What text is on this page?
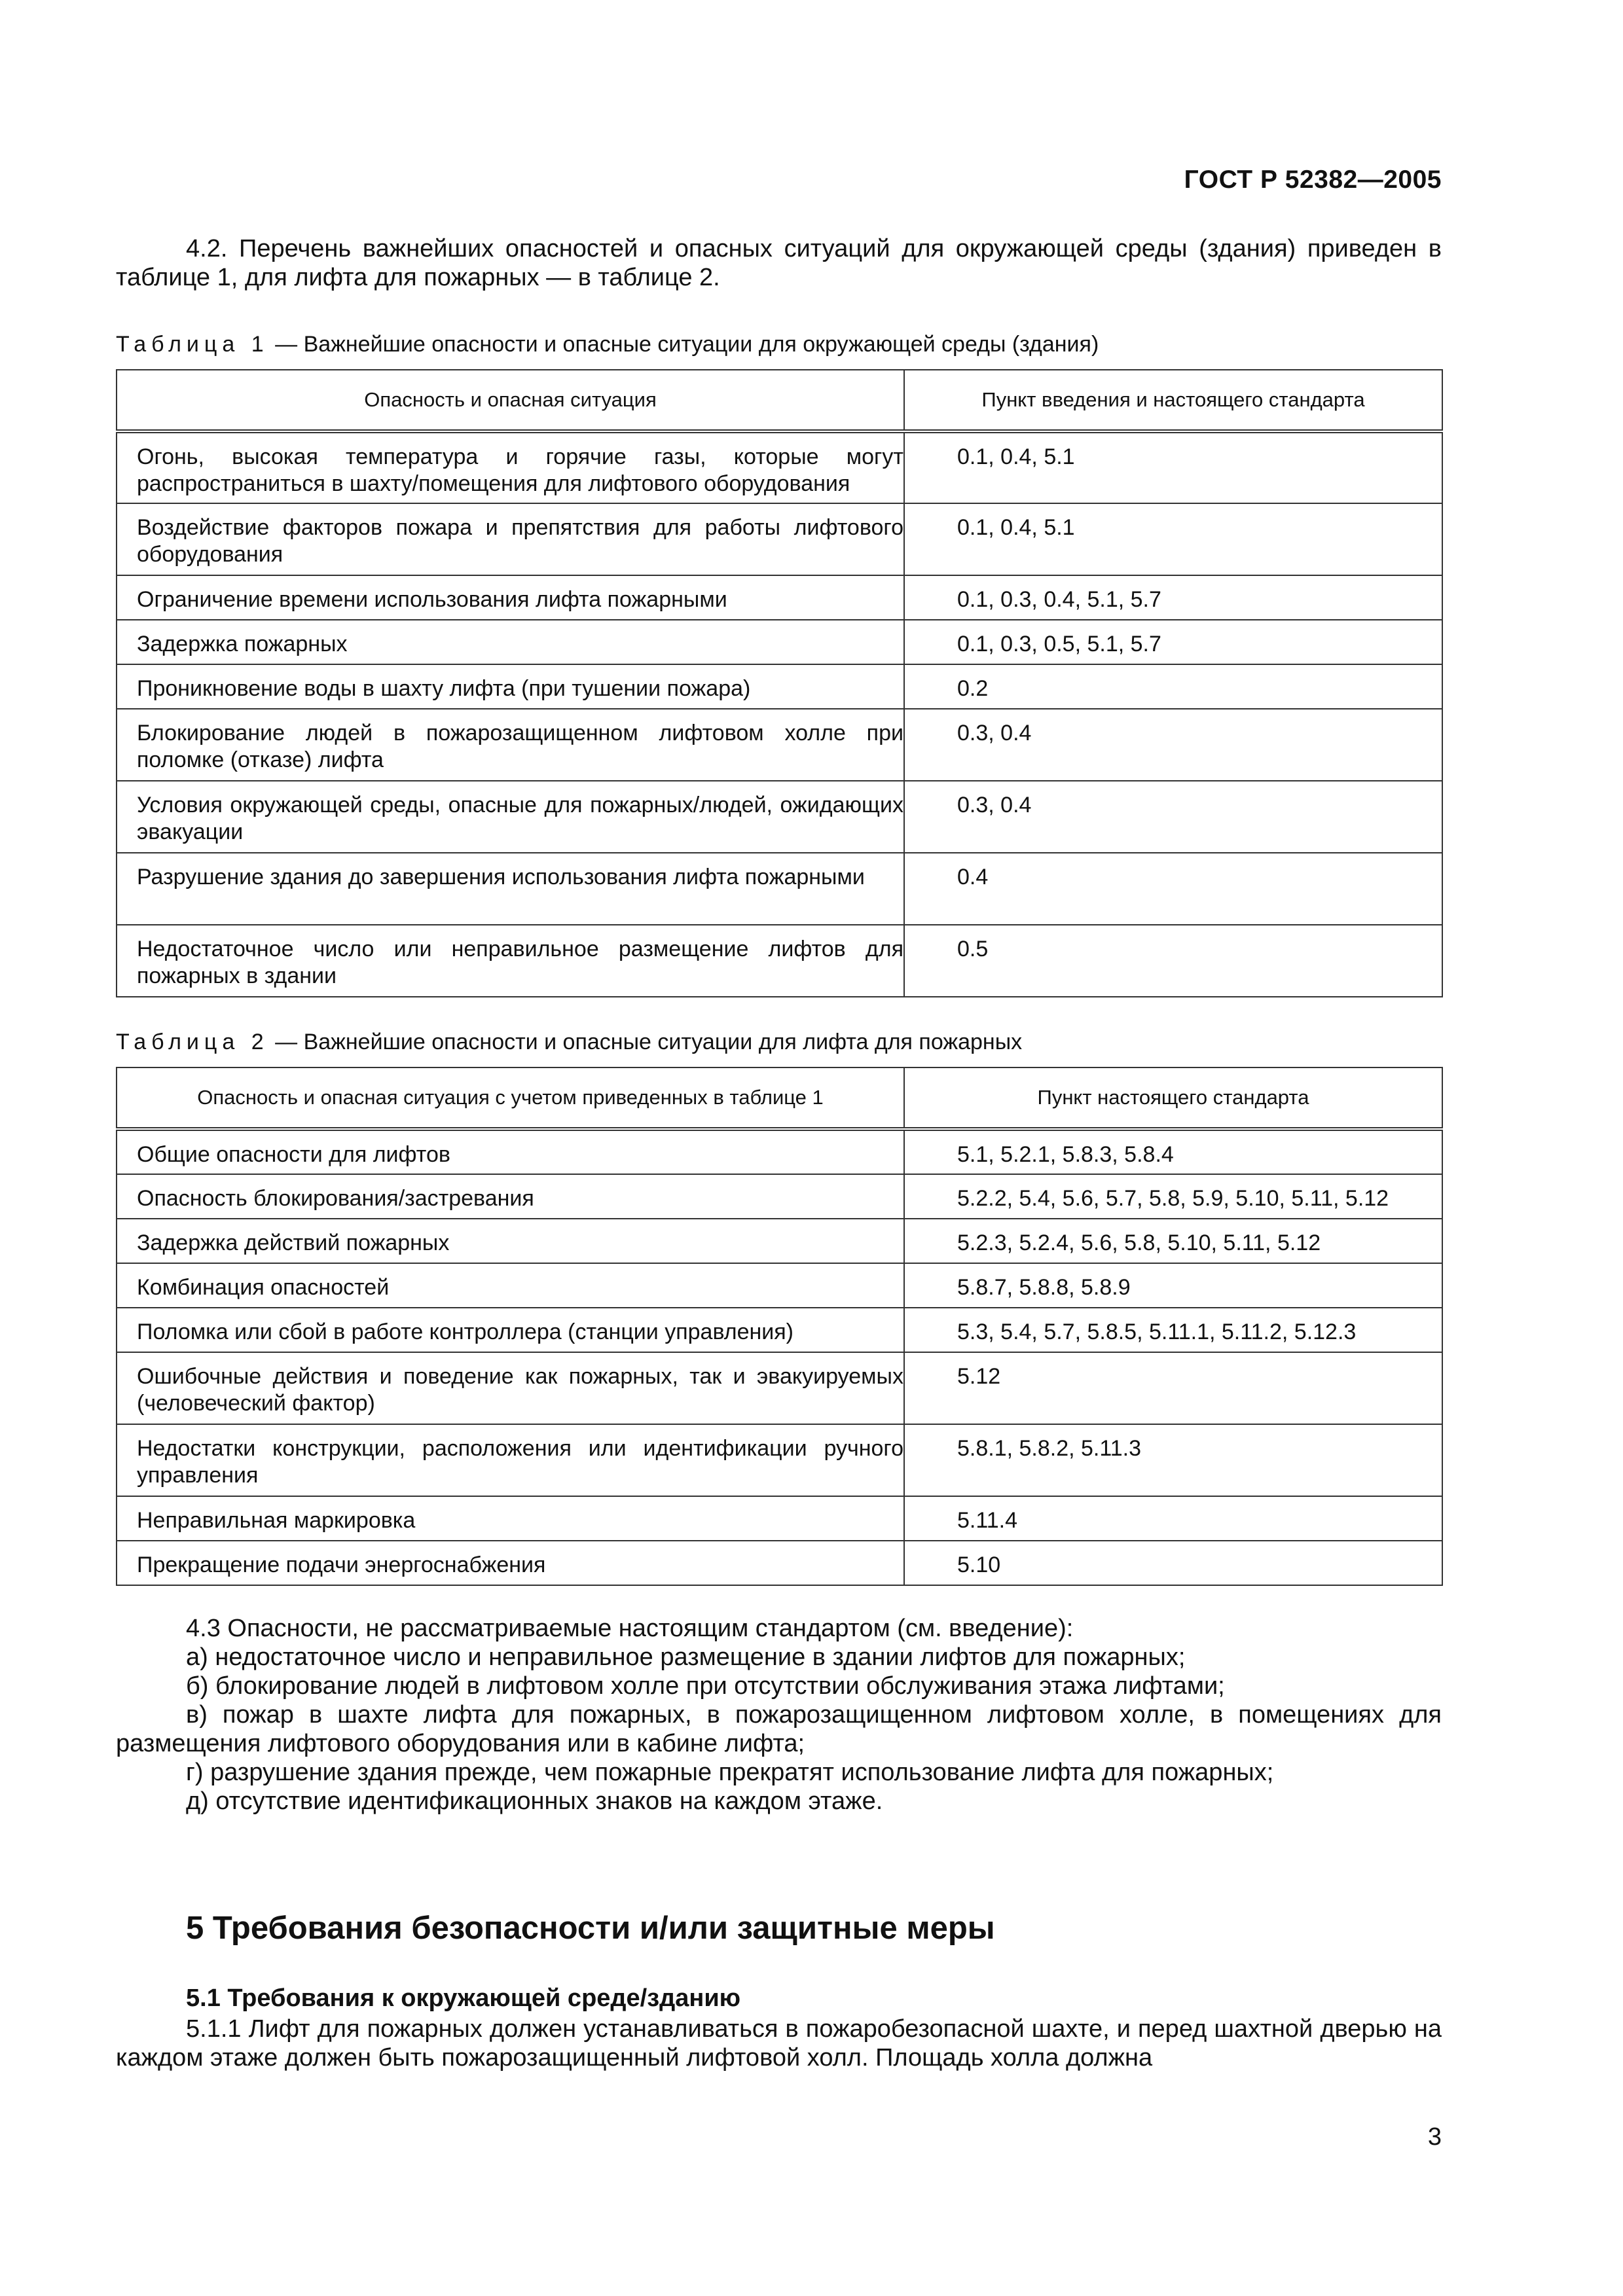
ГОСТ Р 52382—2005

4.2. Перечень важнейших опасностей и опасных ситуаций для окружающей среды (здания) приведен в таблице 1, для лифта для пожарных — в таблице 2.

Таблица 1 — Важнейшие опасности и опасные ситуации для окружающей среды (здания)
Опасность и опасная ситуация	Пункт введения и настоящего стандарта
Огонь, высокая температура и горячие газы, которые могут распространиться в шахту/помещения для лифтового оборудования	0.1, 0.4, 5.1
Воздействие факторов пожара и препятствия для работы лифтового оборудования	0.1, 0.4, 5.1
Ограничение времени использования лифта пожарными	0.1, 0.3, 0.4, 5.1, 5.7
Задержка пожарных	0.1, 0.3, 0.5, 5.1, 5.7
Проникновение воды в шахту лифта (при тушении пожара)	0.2
Блокирование людей в пожарозащищенном лифтовом холле при поломке (отказе) лифта	0.3, 0.4
Условия окружающей среды, опасные для пожарных/людей, ожидающих эвакуации	0.3, 0.4
Разрушение здания до завершения использования лифта пожарными	0.4
Недостаточное число или неправильное размещение лифтов для пожарных в здании	0.5
Таблица 2 — Важнейшие опасности и опасные ситуации для лифта для пожарных
Опасность и опасная ситуация с учетом приведенных в таблице 1	Пункт настоящего стандарта
Общие опасности для лифтов	5.1, 5.2.1, 5.8.3, 5.8.4
Опасность блокирования/застревания	5.2.2, 5.4, 5.6, 5.7, 5.8, 5.9, 5.10, 5.11, 5.12
Задержка действий пожарных	5.2.3, 5.2.4, 5.6, 5.8, 5.10, 5.11, 5.12
Комбинация опасностей	5.8.7, 5.8.8, 5.8.9
Поломка или сбой в работе контроллера (станции управления)	5.3, 5.4, 5.7, 5.8.5, 5.11.1, 5.11.2, 5.12.3
Ошибочные действия и поведение как пожарных, так и эвакуируемых (человеческий фактор)	5.12
Недостатки конструкции, расположения или идентификации ручного управления	5.8.1, 5.8.2, 5.11.3
Неправильная маркировка	5.11.4
Прекращение подачи энергоснабжения	5.10

4.3 Опасности, не рассматриваемые настоящим стандартом (см. введение):

а) недостаточное число и неправильное размещение в здании лифтов для пожарных;

б) блокирование людей в лифтовом холле при отсутствии обслуживания этажа лифтами;

в) пожар в шахте лифта для пожарных, в пожарозащищенном лифтовом холле, в помещениях для размещения лифтового оборудования или в кабине лифта;

г) разрушение здания прежде, чем пожарные прекратят использование лифта для пожарных;

д) отсутствие идентификационных знаков на каждом этаже.

5 Требования безопасности и/или защитные меры
5.1 Требования к окружающей среде/зданию

5.1.1 Лифт для пожарных должен устанавливаться в пожаробезопасной шахте, и перед шахтной дверью на каждом этаже должен быть пожарозащищенный лифтовой холл. Площадь холла должна

3
